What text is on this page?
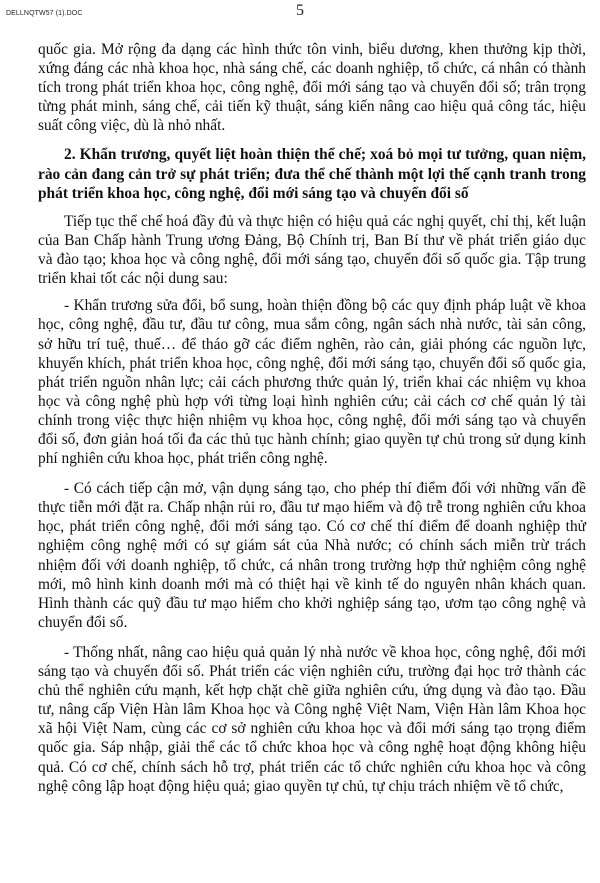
DELLNQTW57 (1).DOC	5

quốc gia. Mở rộng đa dạng các hình thức tôn vinh, biểu dương, khen thưởng kịp thời, xứng đáng các nhà khoa học, nhà sáng chế, các doanh nghiệp, tổ chức, cá nhân có thành tích trong phát triển khoa học, công nghệ, đổi mới sáng tạo và chuyển đổi số; trân trọng từng phát minh, sáng chế, cải tiến kỹ thuật, sáng kiến nâng cao hiệu quả công tác, hiệu suất công việc, dù là nhỏ nhất.

2. Khẩn trương, quyết liệt hoàn thiện thể chế; xoá bỏ mọi tư tưởng, quan niệm, rào cản đang cản trở sự phát triển; đưa thể chế thành một lợi thế cạnh tranh trong phát triển khoa học, công nghệ, đổi mới sáng tạo và chuyển đổi số

Tiếp tục thể chế hoá đầy đủ và thực hiện có hiệu quả các nghị quyết, chỉ thị, kết luận của Ban Chấp hành Trung ương Đảng, Bộ Chính trị, Ban Bí thư về phát triển giáo dục và đào tạo; khoa học và công nghệ, đổi mới sáng tạo, chuyển đổi số quốc gia. Tập trung triển khai tốt các nội dung sau:

- Khẩn trương sửa đổi, bổ sung, hoàn thiện đồng bộ các quy định pháp luật về khoa học, công nghệ, đầu tư, đầu tư công, mua sắm công, ngân sách nhà nước, tài sản công, sở hữu trí tuệ, thuế… để tháo gỡ các điểm nghẽn, rào cản, giải phóng các nguồn lực, khuyến khích, phát triển khoa học, công nghệ, đổi mới sáng tạo, chuyển đổi số quốc gia, phát triển nguồn nhân lực; cải cách phương thức quản lý, triển khai các nhiệm vụ khoa học và công nghệ phù hợp với từng loại hình nghiên cứu; cải cách cơ chế quản lý tài chính trong việc thực hiện nhiệm vụ khoa học, công nghệ, đổi mới sáng tạo và chuyển đổi số, đơn giản hoá tối đa các thủ tục hành chính; giao quyền tự chủ trong sử dụng kinh phí nghiên cứu khoa học, phát triển công nghệ.

- Có cách tiếp cận mở, vận dụng sáng tạo, cho phép thí điểm đối với những vấn đề thực tiễn mới đặt ra. Chấp nhận rủi ro, đầu tư mạo hiểm và độ trễ trong nghiên cứu khoa học, phát triển công nghệ, đổi mới sáng tạo. Có cơ chế thí điểm để doanh nghiệp thử nghiệm công nghệ mới có sự giám sát của Nhà nước; có chính sách miễn trừ trách nhiệm đối với doanh nghiệp, tổ chức, cá nhân trong trường hợp thử nghiệm công nghệ mới, mô hình kinh doanh mới mà có thiệt hại về kinh tế do nguyên nhân khách quan. Hình thành các quỹ đầu tư mạo hiểm cho khởi nghiệp sáng tạo, ươm tạo công nghệ và chuyển đổi số.

- Thống nhất, nâng cao hiệu quả quản lý nhà nước về khoa học, công nghệ, đổi mới sáng tạo và chuyển đổi số. Phát triển các viện nghiên cứu, trường đại học trở thành các chủ thể nghiên cứu mạnh, kết hợp chặt chẽ giữa nghiên cứu, ứng dụng và đào tạo. Đầu tư, nâng cấp Viện Hàn lâm Khoa học và Công nghệ Việt Nam, Viện Hàn lâm Khoa học xã hội Việt Nam, cùng các cơ sở nghiên cứu khoa học và đổi mới sáng tạo trọng điểm quốc gia. Sáp nhập, giải thể các tổ chức khoa học và công nghệ hoạt động không hiệu quả. Có cơ chế, chính sách hỗ trợ, phát triển các tổ chức nghiên cứu khoa học và công nghệ công lập hoạt động hiệu quả; giao quyền tự chủ, tự chịu trách nhiệm về tổ chức,
